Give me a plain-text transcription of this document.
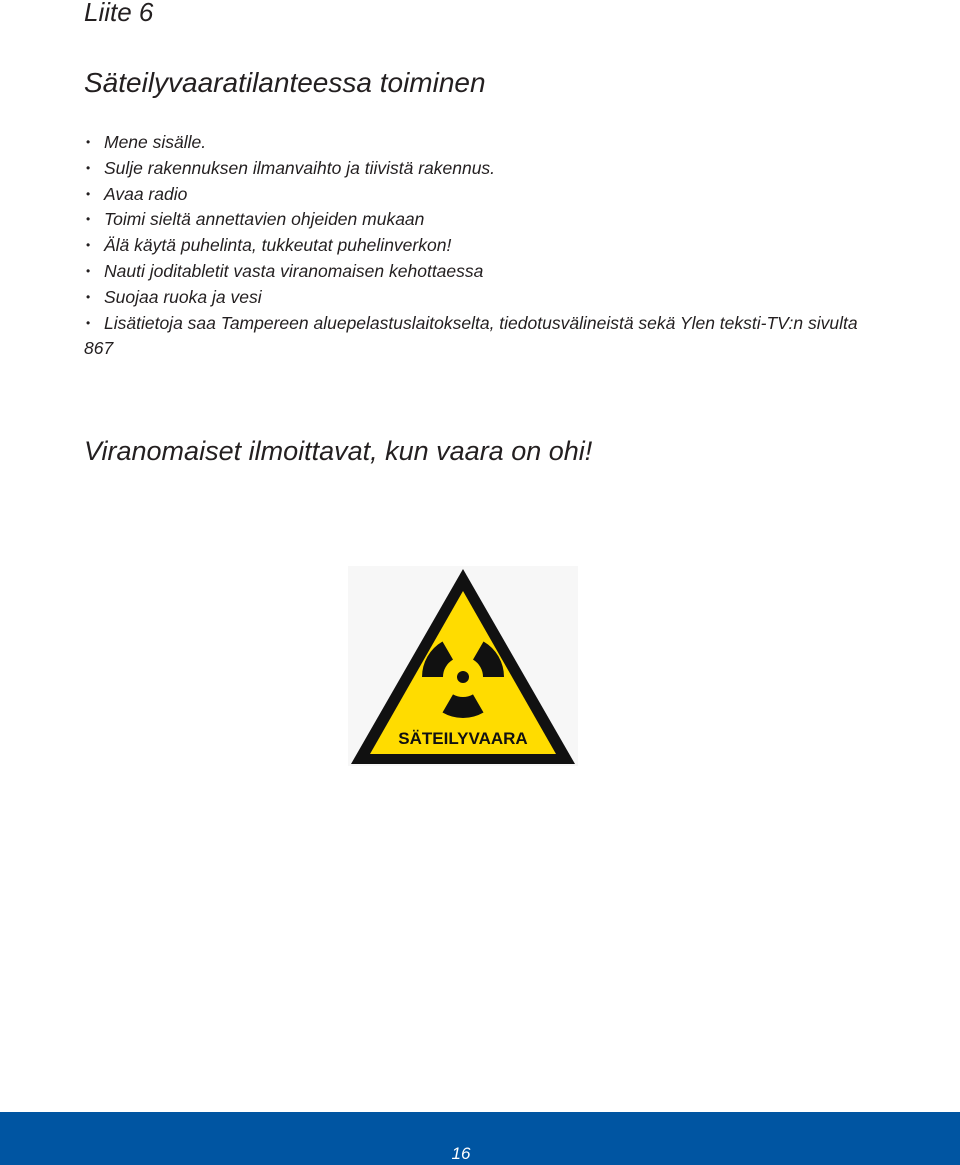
Liite 6
Säteilyvaaratilanteessa toiminen
• Mene sisälle.
• Sulje rakennuksen ilmanvaihto ja tiivistä rakennus.
• Avaa radio
• Toimi sieltä annettavien ohjeiden mukaan
• Älä käytä puhelinta, tukkeutat puhelinverkon!
• Nauti joditabletit vasta viranomaisen kehottaessa
• Suojaa ruoka ja vesi
• Lisätietoja saa Tampereen aluepelastuslaitokselta, tiedotusvälineistä sekä Ylen teksti-TV:n sivulta 867

Viranomaiset ilmoittavat, kun vaara on ohi!

SÄTEILYVAARA
16
